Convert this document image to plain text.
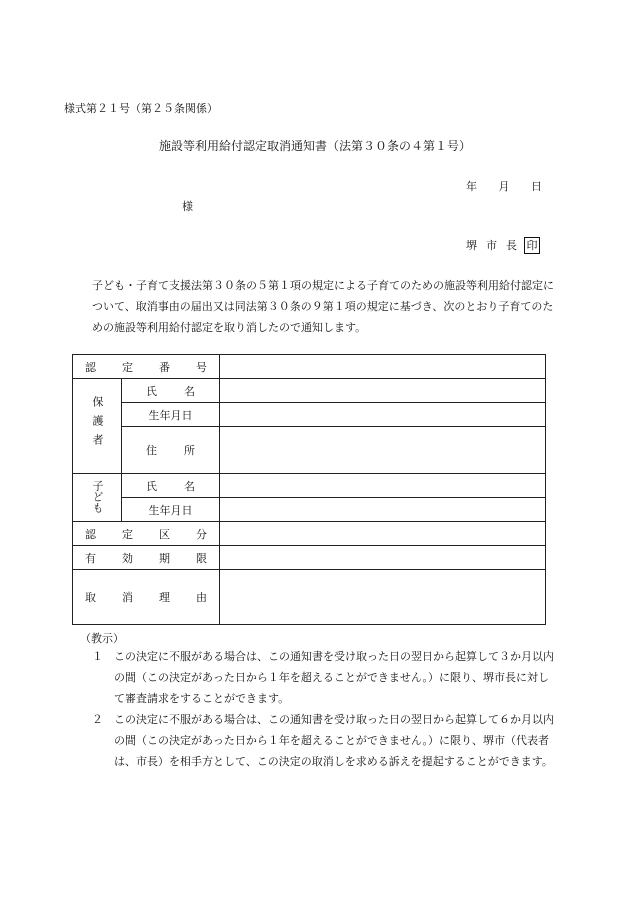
様式第２１号（第２５条関係）
施設等利用給付認定取消通知書（法第３０条の４第１号）
年 月 日
様
堺市長印

子ども・子育て支援法第３０条の５第１項の規定による子育てのための施設等利用給付認定について、取消事由の届出又は同法第３０条の９第１項の規定に基づき、次のとおり子育てのための施設等利用給付認定を取り消したので通知します。

認 定 番 号		

保護者	氏 名	

	生年月日	

	住 所	

子ども	氏 名	

	生年月日	

認 定 区 分		

有 効 期 限		

取 消 理 由		

（教示）
１	この決定に不服がある場合は、この通知書を受け取った日の翌日から起算して３か月以内の間（この決定があった日から１年を超えることができません。）に限り、堺市長に対して審査請求をすることができます。
２	この決定に不服がある場合は、この通知書を受け取った日の翌日から起算して６か月以内の間（この決定があった日から１年を超えることができません。）に限り、堺市（代表者は、市長）を相手方として、この決定の取消しを求める訴えを提起することができます。
